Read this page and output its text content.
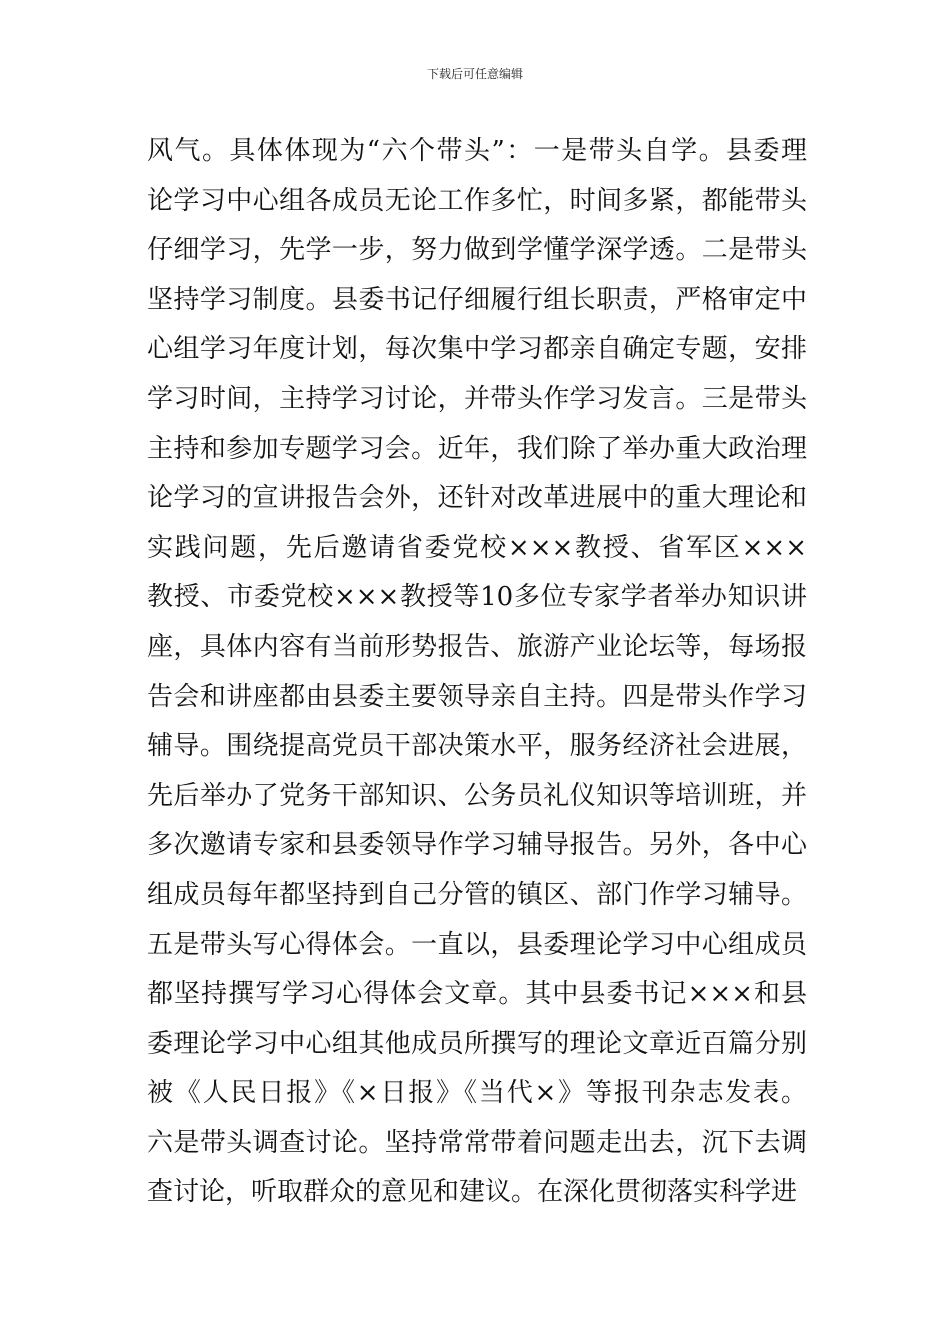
下载后可任意编辑
风气。具体体现为“六个带头”：一是带头自学。县委理
论学习中心组各成员无论工作多忙，时间多紧，都能带头
仔细学习，先学一步，努力做到学懂学深学透。二是带头
坚持学习制度。县委书记仔细履行组长职责，严格审定中
心组学习年度计划，每次集中学习都亲自确定专题，安排
学习时间，主持学习讨论，并带头作学习发言。三是带头
主持和参加专题学习会。近年，我们除了举办重大政治理
论学习的宣讲报告会外，还针对改革进展中的重大理论和
实践问题，先后邀请省委党校×××教授、省军区×××
教授、市委党校×××教授等10多位专家学者举办知识讲
座，具体内容有当前形势报告、旅游产业论坛等，每场报
告会和讲座都由县委主要领导亲自主持。四是带头作学习
辅导。围绕提高党员干部决策水平，服务经济社会进展，
先后举办了党务干部知识、公务员礼仪知识等培训班，并
多次邀请专家和县委领导作学习辅导报告。另外，各中心
组成员每年都坚持到自己分管的镇区、部门作学习辅导。
五是带头写心得体会。一直以，县委理论学习中心组成员
都坚持撰写学习心得体会文章。其中县委书记×××和县
委理论学习中心组其他成员所撰写的理论文章近百篇分别
被《人民日报》《×日报》《当代×》等报刊杂志发表。
六是带头调查讨论。坚持常常带着问题走出去，沉下去调
查讨论，听取群众的意见和建议。在深化贯彻落实科学进
